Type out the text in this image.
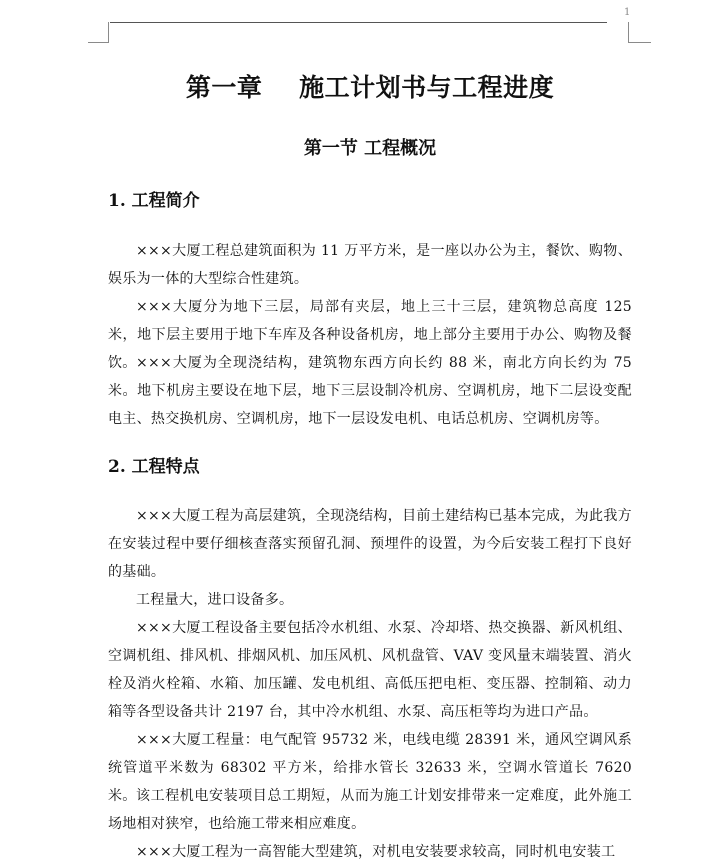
1
第一章    施工计划书与工程进度
第一节 工程概况
1. 工程简介

×××大厦工程总建筑面积为 11 万平方米，是一座以办公为主，餐饮、购物、娱乐为一体的大型综合性建筑。

×××大厦分为地下三层，局部有夹层，地上三十三层，建筑物总高度 125 米，地下层主要用于地下车库及各种设备机房，地上部分主要用于办公、购物及餐饮。 ×××大厦为全现浇结构，建筑物东西方向长约 88 米，南北方向长约为 75 米。地下机房主要设在地下层，地下三层设制冷机房、空调机房，地下二层设变配电主、热交换机房、空调机房，地下一层设发电机、电话总机房、空调机房等。

2. 工程特点

×××大厦工程为高层建筑，全现浇结构，目前土建结构已基本完成，为此我方在安装过程中要仔细核查落实预留孔洞、预埋件的设置，为今后安装工程打下良好的基础。

工程量大，进口设备多。

×××大厦工程设备主要包括冷水机组、水泵、冷却塔、热交换器、新风机组、空调机组、排风机、排烟风机、加压风机、风机盘管、VAV 变风量末端装置、消火栓及消火栓箱、水箱、加压罐、发电机组、高低压把电柜、变压器、控制箱、动力箱等各型设备共计 2197 台，其中冷水机组、水泵、高压柜等均为进口产品。

×××大厦工程量：电气配管 95732 米，电线电缆 28391 米，通风空调风系统管道平米数为 68302 平方米，给排水管长 32633 米，空调水管道长 7620 米。 该工程机电安装项目总工期短，从而为施工计划安排带来一定难度，此外施工场地相对狭窄，也给施工带来相应难度。

×××大厦工程为一高智能大型建筑，对机电安装要求较高，同时机电安装工
